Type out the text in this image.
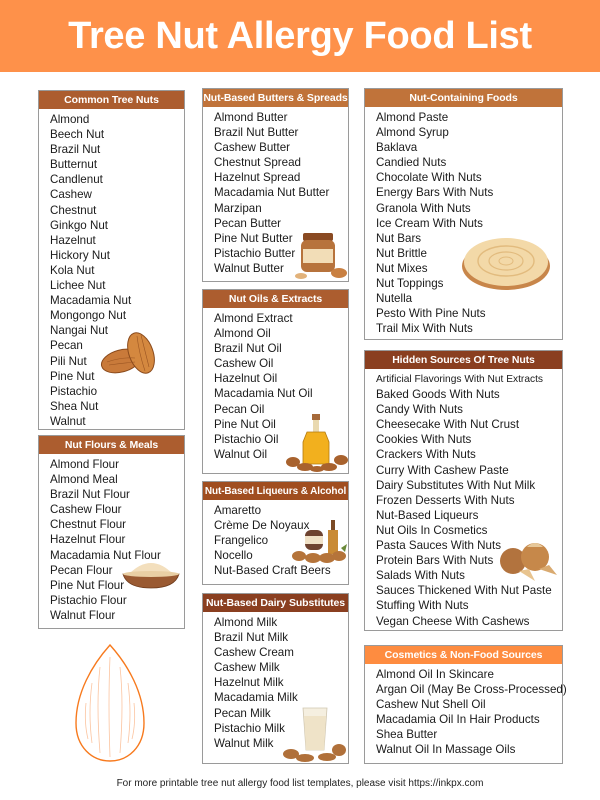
Tree Nut Allergy Food List
Common Tree Nuts
Almond
Beech Nut
Brazil Nut
Butternut
Candlenut
Cashew
Chestnut
Ginkgo Nut
Hazelnut
Hickory Nut
Kola Nut
Lichee Nut
Macadamia Nut
Mongongo Nut
Nangai Nut
Pecan
Pili Nut
Pine Nut
Pistachio
Shea Nut
Walnut
Nut Flours & Meals
Almond Flour
Almond Meal
Brazil Nut Flour
Cashew Flour
Chestnut Flour
Hazelnut Flour
Macadamia Nut Flour
Pecan Flour
Pine Nut Flour
Pistachio Flour
Walnut Flour
Nut-Based Butters & Spreads
Almond Butter
Brazil Nut Butter
Cashew Butter
Chestnut Spread
Hazelnut Spread
Macadamia Nut Butter
Marzipan
Pecan Butter
Pine Nut Butter
Pistachio Butter
Walnut Butter
Nut Oils & Extracts
Almond Extract
Almond Oil
Brazil Nut Oil
Cashew Oil
Hazelnut Oil
Macadamia Nut Oil
Pecan Oil
Pine Nut Oil
Pistachio Oil
Walnut Oil
Nut-Based Liqueurs & Alcohol
Amaretto
Crème De Noyaux
Frangelico
Nocello
Nut-Based Craft Beers
Nut-Based Dairy Substitutes
Almond Milk
Brazil Nut Milk
Cashew Cream
Cashew Milk
Hazelnut Milk
Macadamia Milk
Pecan Milk
Pistachio Milk
Walnut Milk
Nut-Containing Foods
Almond Paste
Almond Syrup
Baklava
Candied Nuts
Chocolate With Nuts
Energy Bars With Nuts
Granola With Nuts
Ice Cream With Nuts
Nut Bars
Nut Brittle
Nut Mixes
Nut Toppings
Nutella
Pesto With Pine Nuts
Trail Mix With Nuts
Hidden Sources Of Tree Nuts
Artificial Flavorings With Nut Extracts
Baked Goods With Nuts
Candy With Nuts
Cheesecake With Nut Crust
Cookies With Nuts
Crackers With Nuts
Curry With Cashew Paste
Dairy Substitutes With Nut Milk
Frozen Desserts With Nuts
Nut-Based Liqueurs
Nut Oils In Cosmetics
Pasta Sauces With Nuts
Protein Bars With Nuts
Salads With Nuts
Sauces Thickened With Nut Paste
Stuffing With Nuts
Vegan Cheese With Cashews
Cosmetics & Non-Food Sources
Almond Oil In Skincare
Argan Oil (May Be Cross-Processed)
Cashew Nut Shell Oil
Macadamia Oil In Hair Products
Shea Butter
Walnut Oil In Massage Oils
For more printable tree nut allergy food list templates, please visit https://inkpx.com
